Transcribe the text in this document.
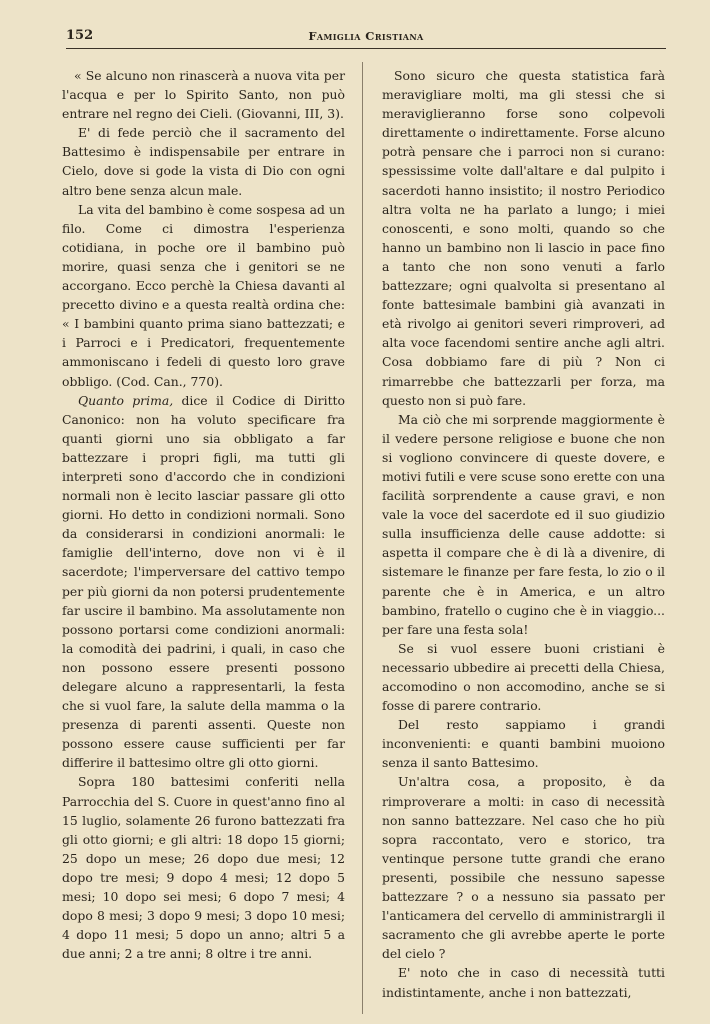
152	Famiglia Cristiana

« Se alcuno non rinascerà a nuova vita per l'acqua e per lo Spirito Santo, non può entrare nel regno dei Cieli. (Giovanni, III, 3).

E' di fede perciò che il sacramento del Battesimo è indispensabile per entrare in Cielo, dove si gode la vista di Dio con ogni altro bene senza alcun male.

La vita del bambino è come sospesa ad un filo. Come ci dimostra l'esperienza cotidiana, in poche ore il bambino può morire, quasi senza che i genitori se ne accorgano. Ecco perchè la Chiesa davanti al precetto divino e a questa realtà ordina che: « I bambini quanto prima siano battezzati; e i Parroci e i Predicatori, frequentemente ammoniscano i fedeli di questo loro grave obbligo. (Cod. Can., 770).

Quanto prima, dice il Codice di Diritto Canonico: non ha voluto specificare fra quanti giorni uno sia obbligato a far battezzare i propri figli, ma tutti gli interpreti sono d'accordo che in condizioni normali non è lecito lasciar passare gli otto giorni. Ho detto in condizioni normali. Sono da considerarsi in condizioni anormali: le famiglie dell'interno, dove non vi è il sacerdote; l'imperversare del cattivo tempo per più giorni da non potersi prudentemente far uscire il bambino. Ma assolutamente non possono portarsi come condizioni anormali: la comodità dei padrini, i quali, in caso che non possono essere presenti possono delegare alcuno a rappresentarli, la festa che si vuol fare, la salute della mamma o la presenza di parenti assenti. Queste non possono essere cause sufficienti per far differire il battesimo oltre gli otto giorni.

Sopra 180 battesimi conferiti nella Parrocchia del S. Cuore in quest'anno fino al 15 luglio, solamente 26 furono battezzati fra gli otto giorni; e gli altri: 18 dopo 15 giorni; 25 dopo un mese; 26 dopo due mesi; 12 dopo tre mesi; 9 dopo 4 mesi; 12 dopo 5 mesi; 10 dopo sei mesi; 6 dopo 7 mesi; 4 dopo 8 mesi; 3 dopo 9 mesi; 3 dopo 10 mesi; 4 dopo 11 mesi; 5 dopo un anno; altri 5 a due anni; 2 a tre anni; 8 oltre i tre anni.

Sono sicuro che questa statistica farà meravigliare molti, ma gli stessi che si meraviglieranno forse sono colpevoli direttamente o indirettamente. Forse alcuno potrà pensare che i parroci non si curano: spessissime volte dall'altare e dal pulpito i sacerdoti hanno insistito; il nostro Periodico altra volta ne ha parlato a lungo; i miei conoscenti, e sono molti, quando so che hanno un bambino non li lascio in pace fino a tanto che non sono venuti a farlo battezzare; ogni qualvolta si presentano al fonte battesimale bambini già avanzati in età rivolgo ai genitori severi rimproveri, ad alta voce facendomi sentire anche agli altri. Cosa dobbiamo fare di più ? Non ci rimarrebbe che battezzarli per forza, ma questo non si può fare.

Ma ciò che mi sorprende maggiormente è il vedere persone religiose e buone che non si vogliono convincere di queste dovere, e motivi futili e vere scuse sono erette con una facilità sorprendente a cause gravi, e non vale la voce del sacerdote ed il suo giudizio sulla insufficienza delle cause addotte: si aspetta il compare che è di là a divenire, di sistemare le finanze per fare festa, lo zio o il parente che è in America, e un altro bambino, fratello o cugino che è in viaggio... per fare una festa sola!

Se si vuol essere buoni cristiani è necessario ubbedire ai precetti della Chiesa, accomodino o non accomodino, anche se si fosse di parere contrario.

Del resto sappiamo i grandi inconvenienti: e quanti bambini muoiono senza il santo Battesimo.

Un'altra cosa, a proposito, è da rimproverare a molti: in caso di necessità non sanno battezzare. Nel caso che ho più sopra raccontato, vero e storico, tra ventinque persone tutte grandi che erano presenti, possibile che nessuno sapesse battezzare ? o a nessuno sia passato per l'anticamera del cervello di amministrargli il sacramento che gli avrebbe aperte le porte del cielo ?

E' noto che in caso di necessità tutti indistintamente, anche i non battezzati,
